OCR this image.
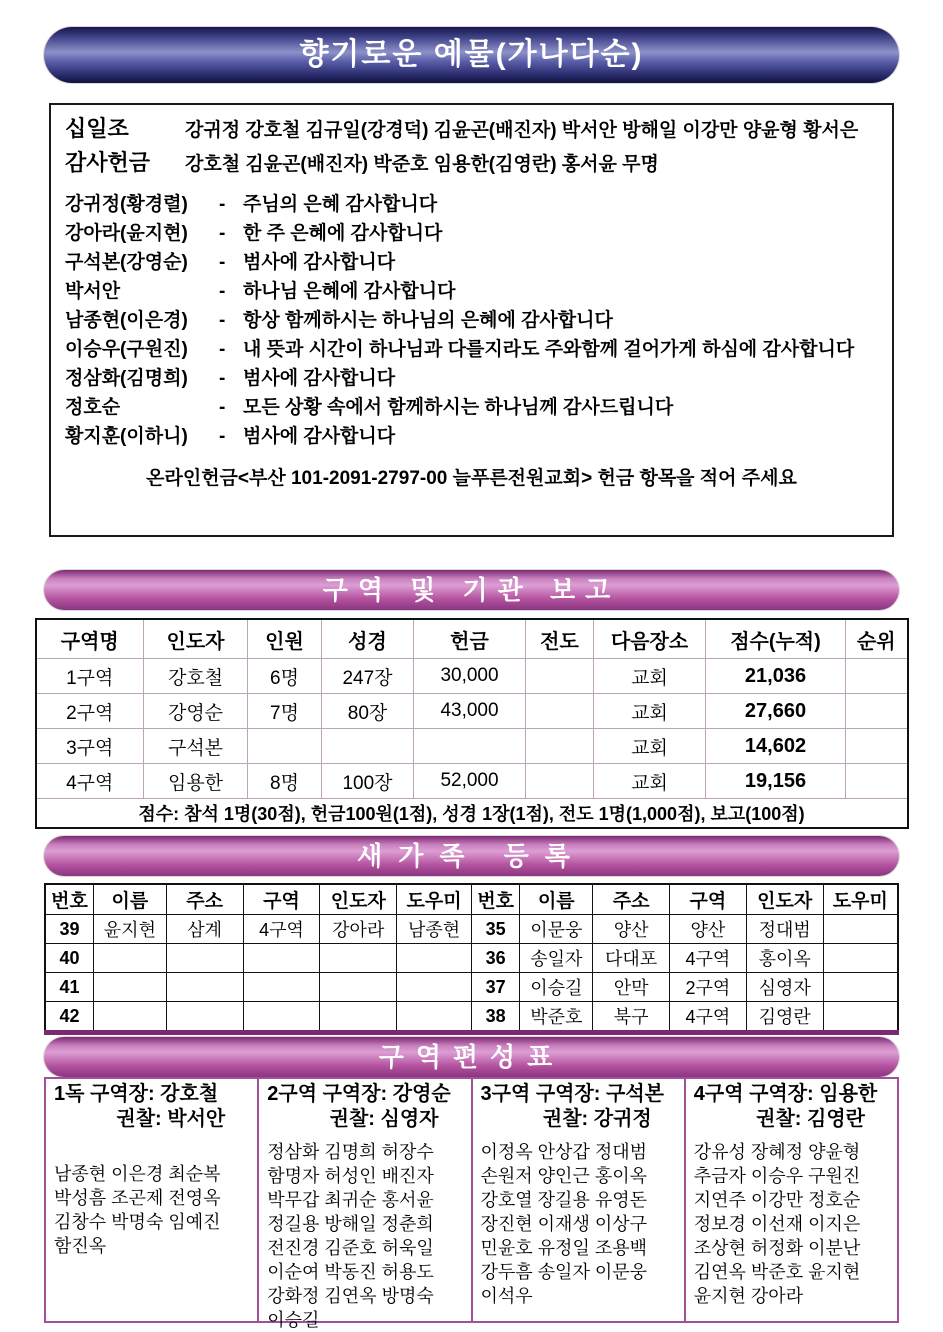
향기로운 예물(가나다순)
십일조	강귀정 강호철 김규일(강경덕) 김윤곤(배진자) 박서안 방해일 이강만 양윤형 황서은
감사헌금	강호철 김윤곤(배진자) 박준호 임용한(김영란) 홍서윤 무명
강귀정(황경렬)	- 주님의 은혜 감사합니다
강아라(윤지현)	- 한 주 은혜에 감사합니다
구석본(강영순)	- 범사에 감사합니다
박서안	- 하나님 은혜에 감사합니다
남종현(이은경)	- 항상 함께하시는 하나님의 은혜에 감사합니다
이승우(구원진)	- 내 뜻과 시간이 하나님과 다를지라도 주와함께 걸어가게 하심에 감사합니다
정삼화(김명희)	- 범사에 감사합니다
정호순	- 모든 상황 속에서 함께하시는 하나님께 감사드립니다
황지훈(이하니)	- 범사에 감사합니다
온라인헌금<부산 101-2091-2797-00 늘푸른전원교회> 헌금 항목을 적어 주세요
구역 및 기관 보고
구역명	인도자	인원	성경	헌금	전도	다음장소	점수(누적)	순위
1구역	강호철	6명	247장	30,000		교회	21,036	
2구역	강영순	7명	80장	43,000		교회	27,660	
3구역	구석본					교회	14,602	
4구역	임용한	8명	100장	52,000		교회	19,156	
점수: 참석 1명(30점), 헌금100원(1점), 성경 1장(1점), 전도 1명(1,000점), 보고(100점)								
새가족 등록
번호	이름	주소	구역	인도자	도우미	번호	이름	주소	구역	인도자	도우미
39	윤지현	삼계	4구역	강아라	남종현	35	이문웅	양산	양산	정대범	
40						36	송일자	다대포	4구역	홍이옥	
41						37	이승길	안막	2구역	심영자	
42						38	박준호	북구	4구역	김영란	
구역편성표
1독 구역장: 강호철
권찰: 박서안
남종현 이은경 최순복
박성흠 조곤제 전영옥
김창수 박명숙 임예진
함진옥
2구역 구역장: 강영순
권찰: 심영자
정삼화 김명희 허장수
함명자 허성인 배진자
박무갑 최귀순 홍서윤
정길용 방해일 정춘희
전진경 김준호 허욱일
이순여 박동진 허용도
강화정 김연옥 방명숙
이승길
3구역 구역장: 구석본
권찰: 강귀정
이정옥 안상갑 정대범
손원저 양인근 홍이옥
강호열 장길용 유영돈
장진현 이재생 이상구
민윤호 유정일 조용백
강두흠 송일자 이문웅
이석우
4구역 구역장: 임용한
권찰: 김영란
강유성 장혜정 양윤형
추금자 이승우 구원진
지연주 이강만 정호순
정보경 이선재 이지은
조상현 허정화 이분난
김연옥 박준호 윤지현
윤지현 강아라
